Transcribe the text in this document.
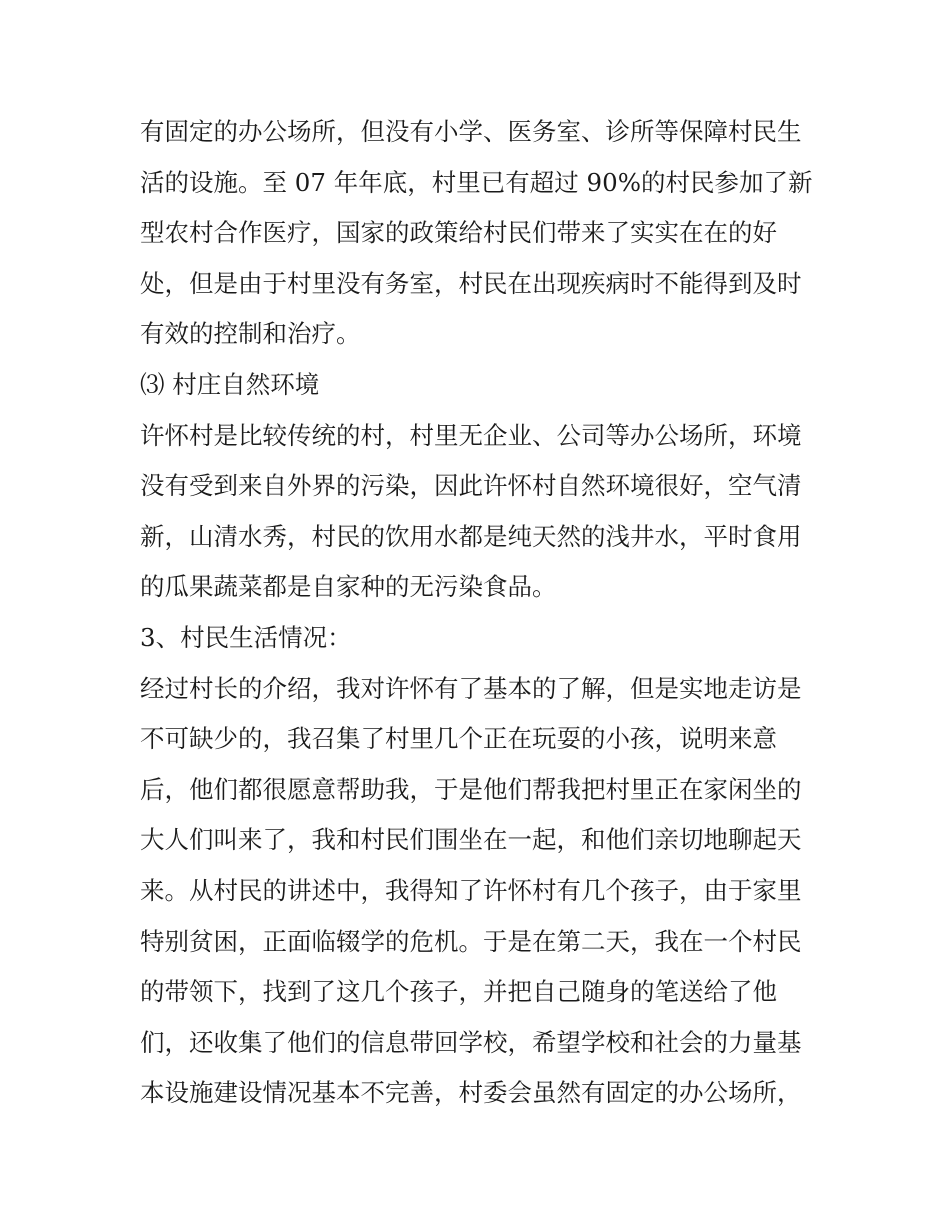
有固定的办公场所，但没有小学、医务室、诊所等保障村民生
活的设施。至 07 年年底，村里已有超过 90%的村民参加了新
型农村合作医疗，国家的政策给村民们带来了实实在在的好
处，但是由于村里没有务室，村民在出现疾病时不能得到及时
有效的控制和治疗。
⑶ 村庄自然环境
许怀村是比较传统的村，村里无企业、公司等办公场所，环境
没有受到来自外界的污染，因此许怀村自然环境很好，空气清
新，山清水秀，村民的饮用水都是纯天然的浅井水，平时食用
的瓜果蔬菜都是自家种的无污染食品。
3、村民生活情况：
经过村长的介绍，我对许怀有了基本的了解，但是实地走访是
不可缺少的，我召集了村里几个正在玩耍的小孩，说明来意
后，他们都很愿意帮助我，于是他们帮我把村里正在家闲坐的
大人们叫来了，我和村民们围坐在一起，和他们亲切地聊起天
来。从村民的讲述中，我得知了许怀村有几个孩子，由于家里
特别贫困，正面临辍学的危机。于是在第二天，我在一个村民
的带领下，找到了这几个孩子，并把自己随身的笔送给了他
们，还收集了他们的信息带回学校，希望学校和社会的力量基
本设施建设情况基本不完善，村委会虽然有固定的办公场所，
